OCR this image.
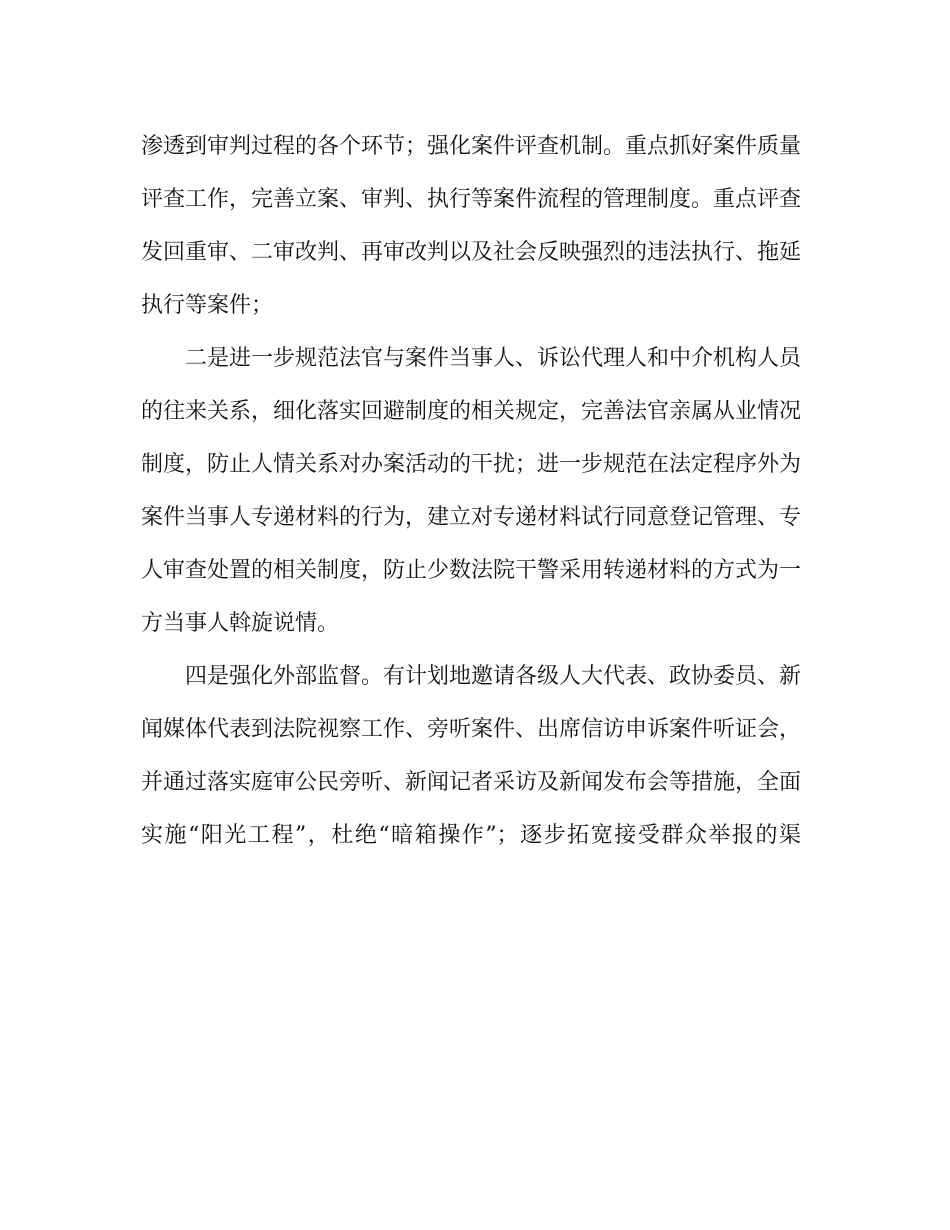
渗透到审判过程的各个环节；强化案件评查机制。重点抓好案件质量
评查工作，完善立案、审判、执行等案件流程的管理制度。重点评查
发回重审、二审改判、再审改判以及社会反映强烈的违法执行、拖延
执行等案件；
二是进一步规范法官与案件当事人、诉讼代理人和中介机构人员
的往来关系，细化落实回避制度的相关规定，完善法官亲属从业情况
制度，防止人情关系对办案活动的干扰；进一步规范在法定程序外为
案件当事人专递材料的行为，建立对专递材料试行同意登记管理、专
人审查处置的相关制度，防止少数法院干警采用转递材料的方式为一
方当事人斡旋说情。
四是强化外部监督。有计划地邀请各级人大代表、政协委员、新
闻媒体代表到法院视察工作、旁听案件、出席信访申诉案件听证会，
并通过落实庭审公民旁听、新闻记者采访及新闻发布会等措施，全面
实施“阳光工程”，杜绝“暗箱操作”；逐步拓宽接受群众举报的渠
